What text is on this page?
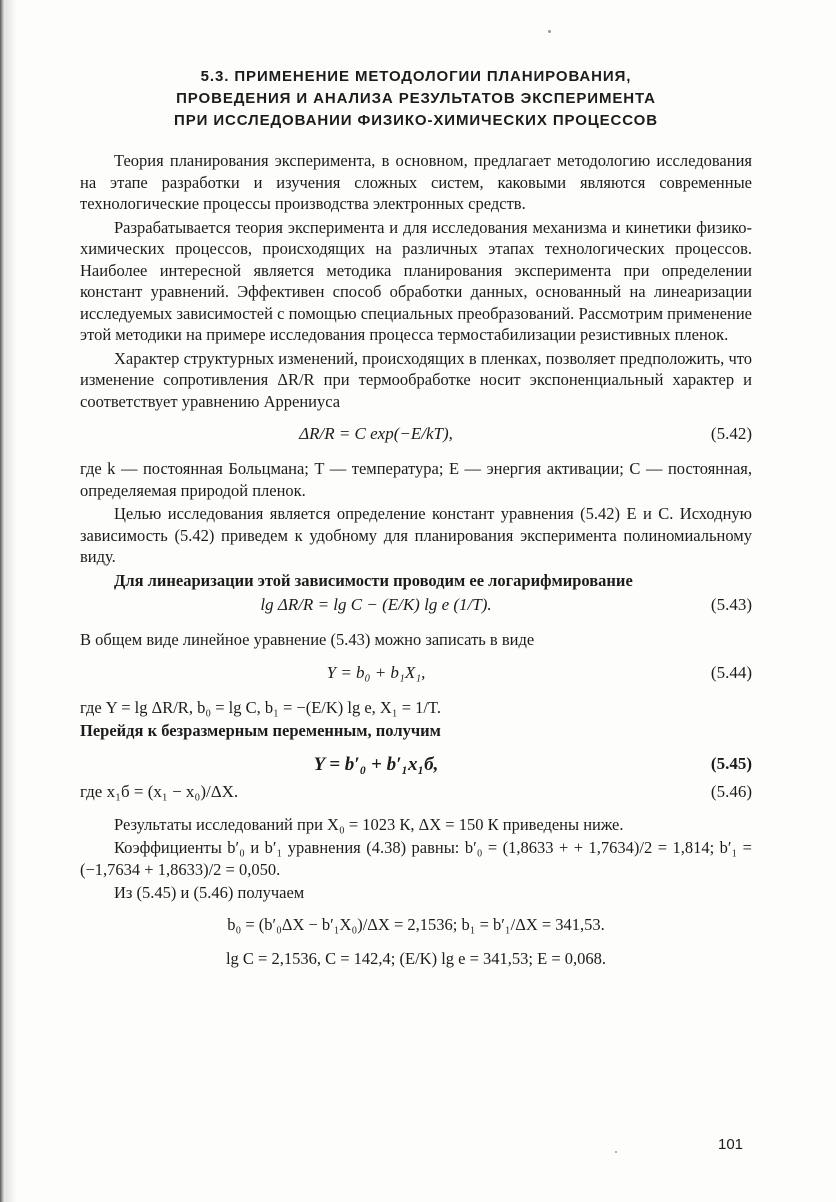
5.3. ПРИМЕНЕНИЕ МЕТОДОЛОГИИ ПЛАНИРОВАНИЯ,
ПРОВЕДЕНИЯ И АНАЛИЗА РЕЗУЛЬТАТОВ ЭКСПЕРИМЕНТА
ПРИ ИССЛЕДОВАНИИ ФИЗИКО-ХИМИЧЕСКИХ ПРОЦЕССОВ

Теория планирования эксперимента, в основном, предлагает методологию исследования на этапе разработки и изучения сложных систем, каковыми являются современные технологические процессы производства электронных средств.

Разрабатывается теория эксперимента и для исследования механизма и кинетики физико-химических процессов, происходящих на различных этапах технологических процессов. Наиболее интересной является методика планирования эксперимента при определении констант уравнений. Эффективен способ обработки данных, основанный на линеаризации исследуемых зависимостей с помощью специальных преобразований. Рассмотрим применение этой методики на примере исследования процесса термостабилизации резистивных пленок.

Характер структурных изменений, происходящих в пленках, позволяет предположить, что изменение сопротивления ΔR/R при термообработке носит экспоненциальный характер и соответствует уравнению Аррениуса

ΔR/R = C exp(−E/kT),	(5.42)

где k — постоянная Больцмана; T — температура; E — энергия активации; C — постоянная, определяемая природой пленок.

Целью исследования является определение констант уравнения (5.42) E и C. Исходную зависимость (5.42) приведем к удобному для планирования эксперимента полиномиальному виду.

Для линеаризации этой зависимости проводим ее логарифмирование

lg ΔR/R = lg C − (E/K) lg e (1/T).	(5.43)

В общем виде линейное уравнение (5.43) можно записать в виде

Y = b₀ + b₁X₁,	(5.44)

где Y = lg ΔR/R, b₀ = lg C, b₁ = −(E/K) lg e, X₁ = 1/T.

Перейдя к безразмерным переменным, получим

Y = b′₀ + b′₁x₁б,	(5.45)
где x₁б = (x₁ − x₀)/ΔX.	(5.46)

Результаты исследований при X₀ = 1023 К, ΔX = 150 К приведены ниже.

Коэффициенты b′₀ и b′₁ уравнения (4.38) равны: b′₀ = (1,8633 + + 1,7634)/2 = 1,814; b′₁ = (−1,7634 + 1,8633)/2 = 0,050.

Из (5.45) и (5.46) получаем

b₀ = (b′₀ΔX − b′₁X₀)/ΔX = 2,1536; b₁ = b′₁/ΔX = 341,53.
lg C = 2,1536, C = 142,4; (E/K) lg e = 341,53; E = 0,068.
101
